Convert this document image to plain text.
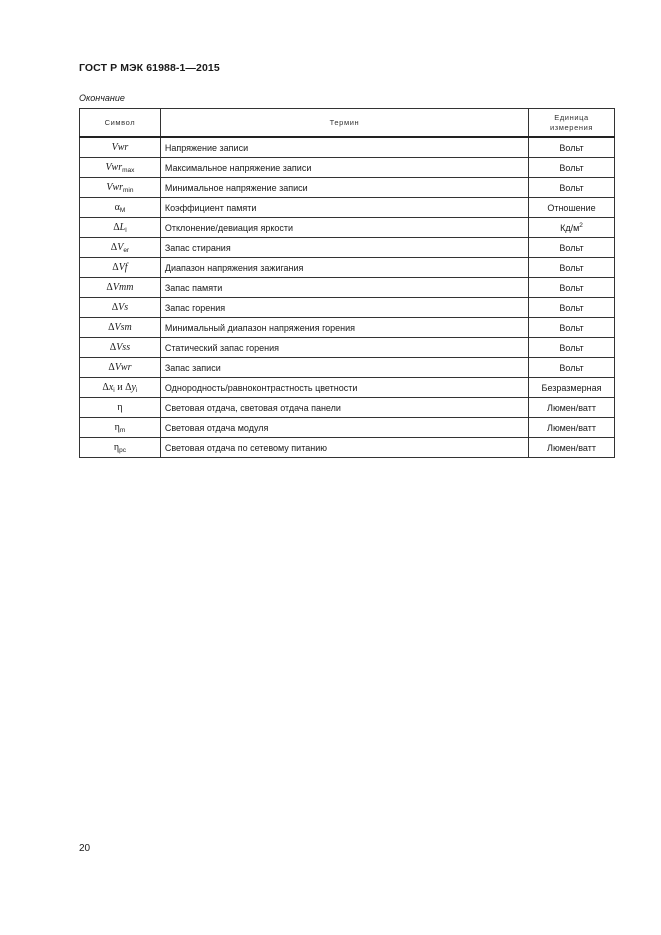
ГОСТ Р МЭК 61988-1—2015
Окончание
Символ	Термин	Единица измерения
Vwr	Напряжение записи	Вольт
Vwr$_{max}$	Максимальное напряжение записи	Вольт
Vwr$_{min}$	Минимальное напряжение записи	Вольт
$\alpha_M$	Коэффициент памяти	Отношение
$\Delta L_l$	Отклонение/девиация яркости	$Кд/м^2$
$\Delta V_{er}$	Запас стирания	Вольт
ΔVf	Диапазон напряжения зажигания	Вольт
ΔVmm	Запас памяти	Вольт
ΔVs	Запас горения	Вольт
ΔVsm	Минимальный диапазон напряжения горения	Вольт
ΔVss	Статический запас горения	Вольт
ΔVwr	Запас записи	Вольт
$\Delta x_i$ и $\Delta y_i$	Однородность/равноконтрастность цветности	Безразмерная
η	Световая отдача, световая отдача панели	Люмен/ватт
$\eta_m$	Световая отдача модуля	Люмен/ватт
$\eta_{pc}$	Световая отдача по сетевому питанию	Люмен/ватт
20
